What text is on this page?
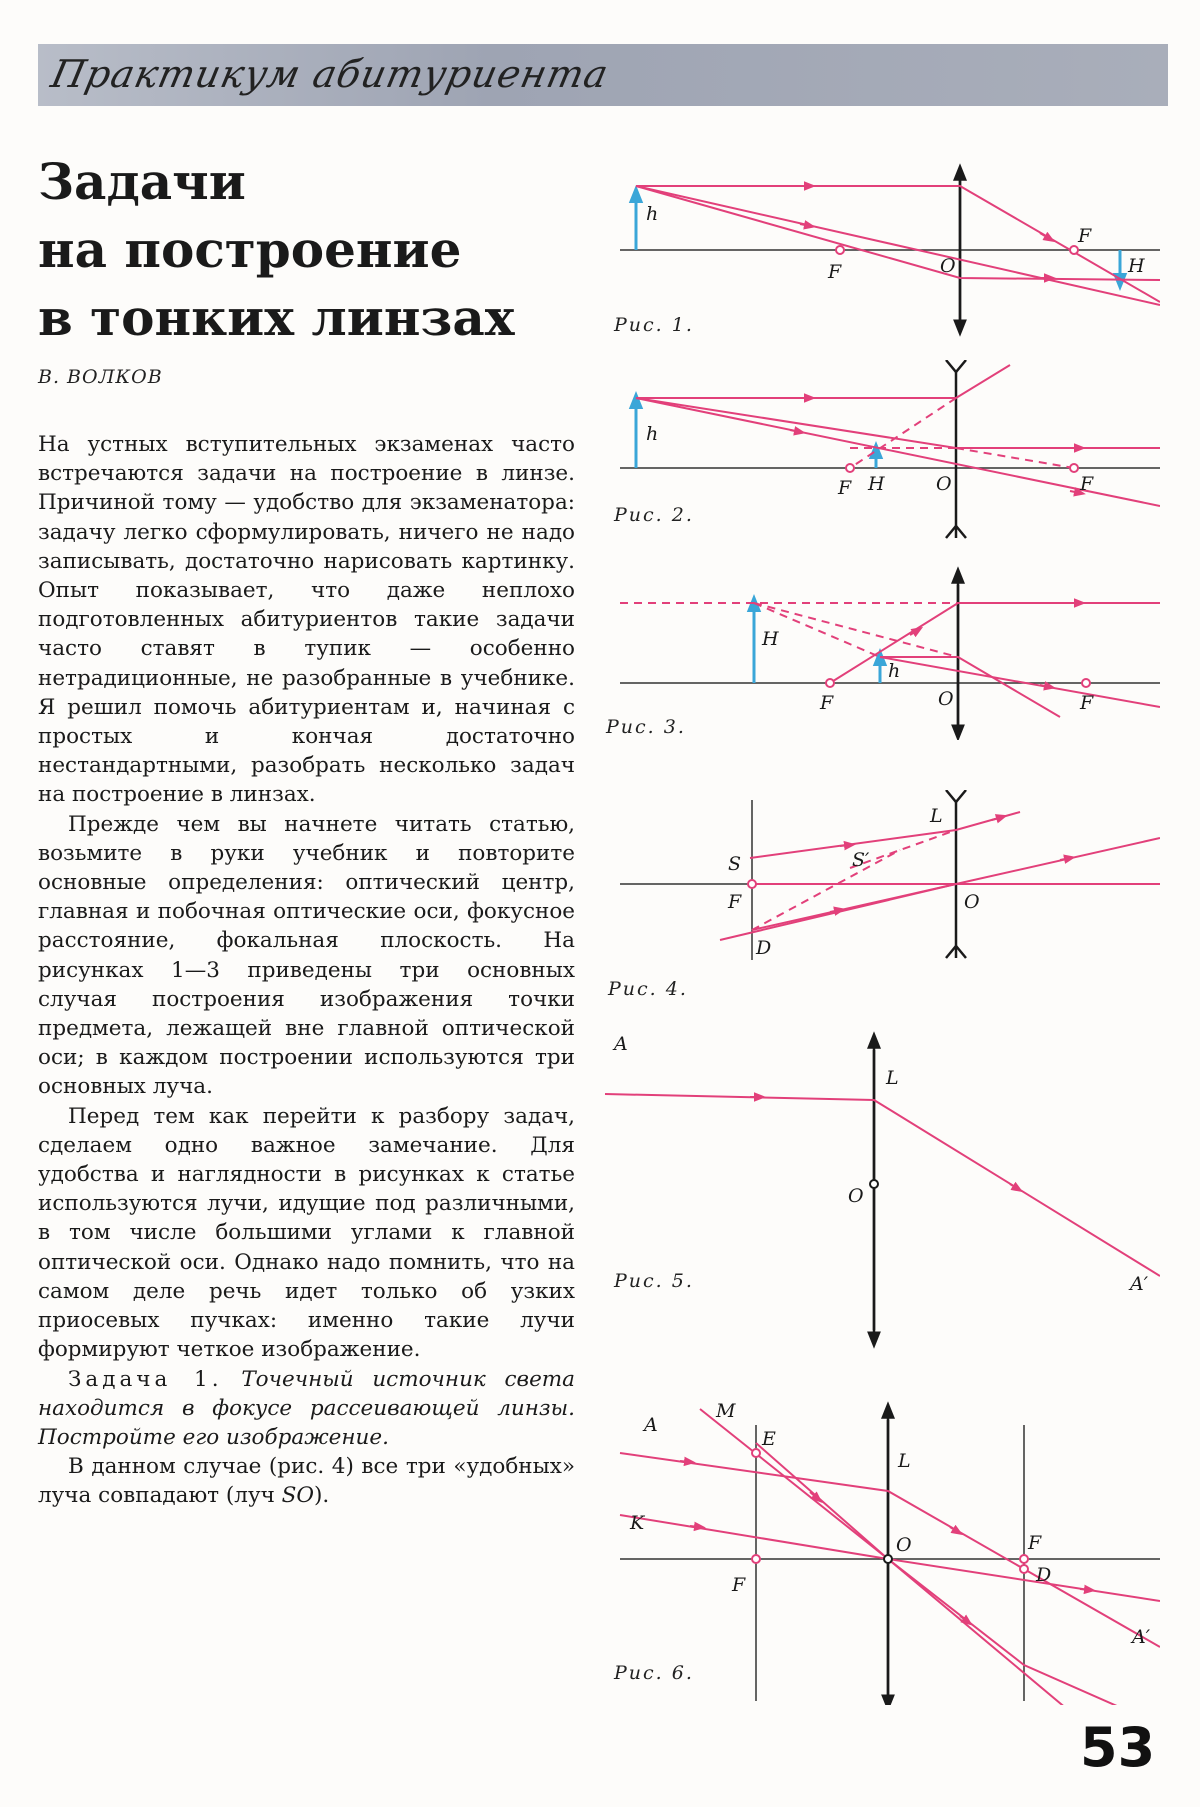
Практикум абитуриента
Задачи
на построение
в тонких линзах
В. ВОЛКОВ

На устных вступительных экзаменах часто встречаются задачи на построение в линзе. Причиной тому — удобство для экзаменатора: задачу легко сформулировать, ничего не надо записывать, достаточно нарисовать картинку. Опыт показывает, что даже неплохо подготовленных абитуриентов такие задачи часто ставят в тупик — особенно нетрадиционные, не разобранные в учебнике. Я решил помочь абитуриентам и, начиная с простых и кончая достаточно нестандартными, разобрать несколько задач на построение в линзах.

Прежде чем вы начнете читать статью, возьмите в руки учебник и повторите основные определения: оптический центр, главная и побочная оптические оси, фокусное расстояние, фокальная плоскость. На рисунках 1—3 приведены три основных случая построения изображения точки предмета, лежащей вне главной оптической оси; в каждом построении используются три основных луча.

Перед тем как перейти к разбору задач, сделаем одно важное замечание. Для удобства и наглядности в рисунках к статье используются лучи, идущие под различными, в том числе большими углами к главной оптической оси. Однако надо помнить, что на самом деле речь идет только об узких приосевых пучках: именно такие лучи формируют четкое изображение.

Задача 1. Точечный источник света находится в фокусе рассеивающей линзы. Постройте его изображение.

В данном случае (рис. 4) все три «удобных» луча совпадают (луч SO).

h
F	O
F
H
Рис. 1.
h
F H	O	F
Рис. 2.
H
h
F	O	F
Рис. 3.
S
F
S′
L
O
D
Рис. 4.
A
L
O
A′
Рис. 5.
A
M
E
L
K
O
F
F
D
A′
Рис. 6.
53
